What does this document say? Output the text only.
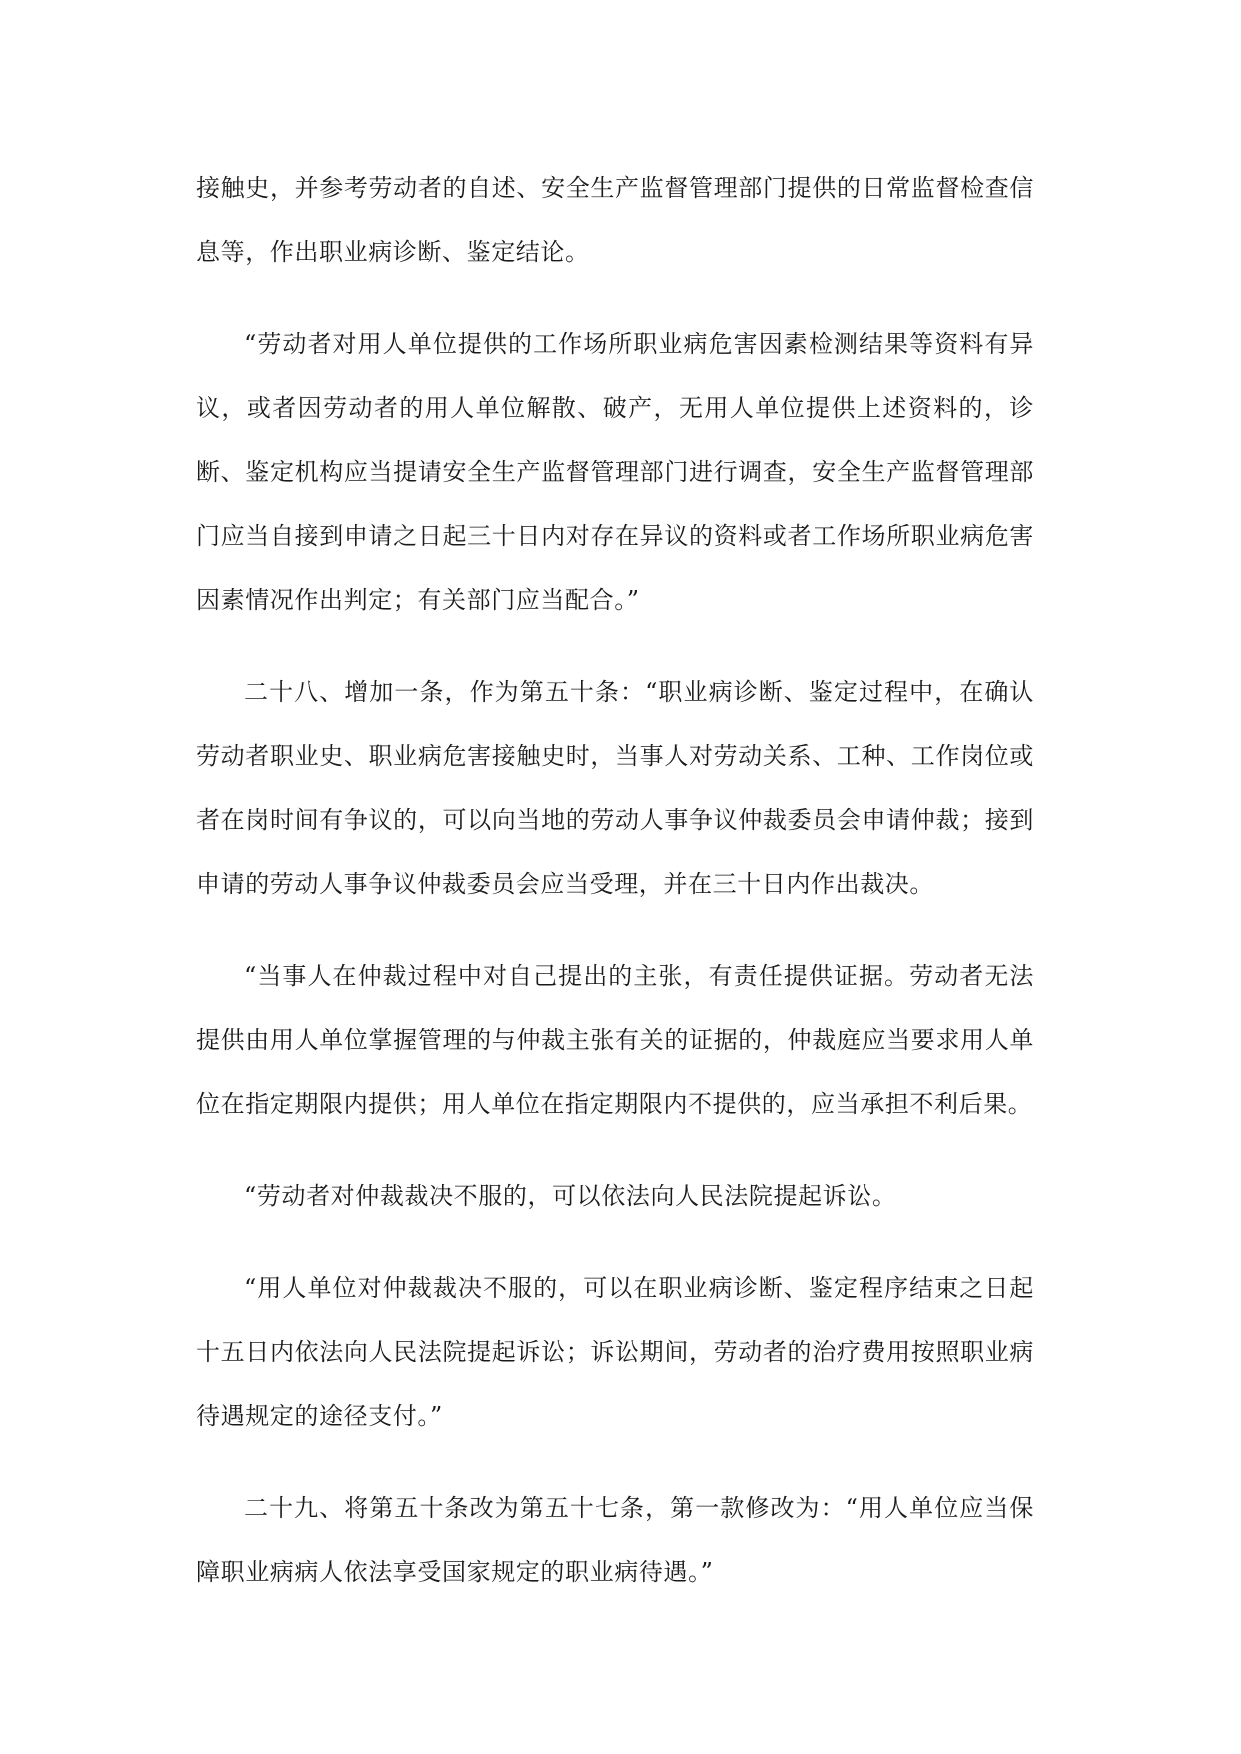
接触史，并参考劳动者的自述、安全生产监督管理部门提供的日常监督检查信息等，作出职业病诊断、鉴定结论。

“劳动者对用人单位提供的工作场所职业病危害因素检测结果等资料有异议，或者因劳动者的用人单位解散、破产，无用人单位提供上述资料的，诊断、鉴定机构应当提请安全生产监督管理部门进行调查，安全生产监督管理部门应当自接到申请之日起三十日内对存在异议的资料或者工作场所职业病危害因素情况作出判定；有关部门应当配合。”

二十八、增加一条，作为第五十条：“职业病诊断、鉴定过程中，在确认劳动者职业史、职业病危害接触史时，当事人对劳动关系、工种、工作岗位或者在岗时间有争议的，可以向当地的劳动人事争议仲裁委员会申请仲裁；接到申请的劳动人事争议仲裁委员会应当受理，并在三十日内作出裁决。

“当事人在仲裁过程中对自己提出的主张，有责任提供证据。劳动者无法提供由用人单位掌握管理的与仲裁主张有关的证据的，仲裁庭应当要求用人单位在指定期限内提供；用人单位在指定期限内不提供的，应当承担不利后果。

“劳动者对仲裁裁决不服的，可以依法向人民法院提起诉讼。

“用人单位对仲裁裁决不服的，可以在职业病诊断、鉴定程序结束之日起十五日内依法向人民法院提起诉讼；诉讼期间，劳动者的治疗费用按照职业病待遇规定的途径支付。”

二十九、将第五十条改为第五十七条，第一款修改为：“用人单位应当保障职业病病人依法享受国家规定的职业病待遇。”
